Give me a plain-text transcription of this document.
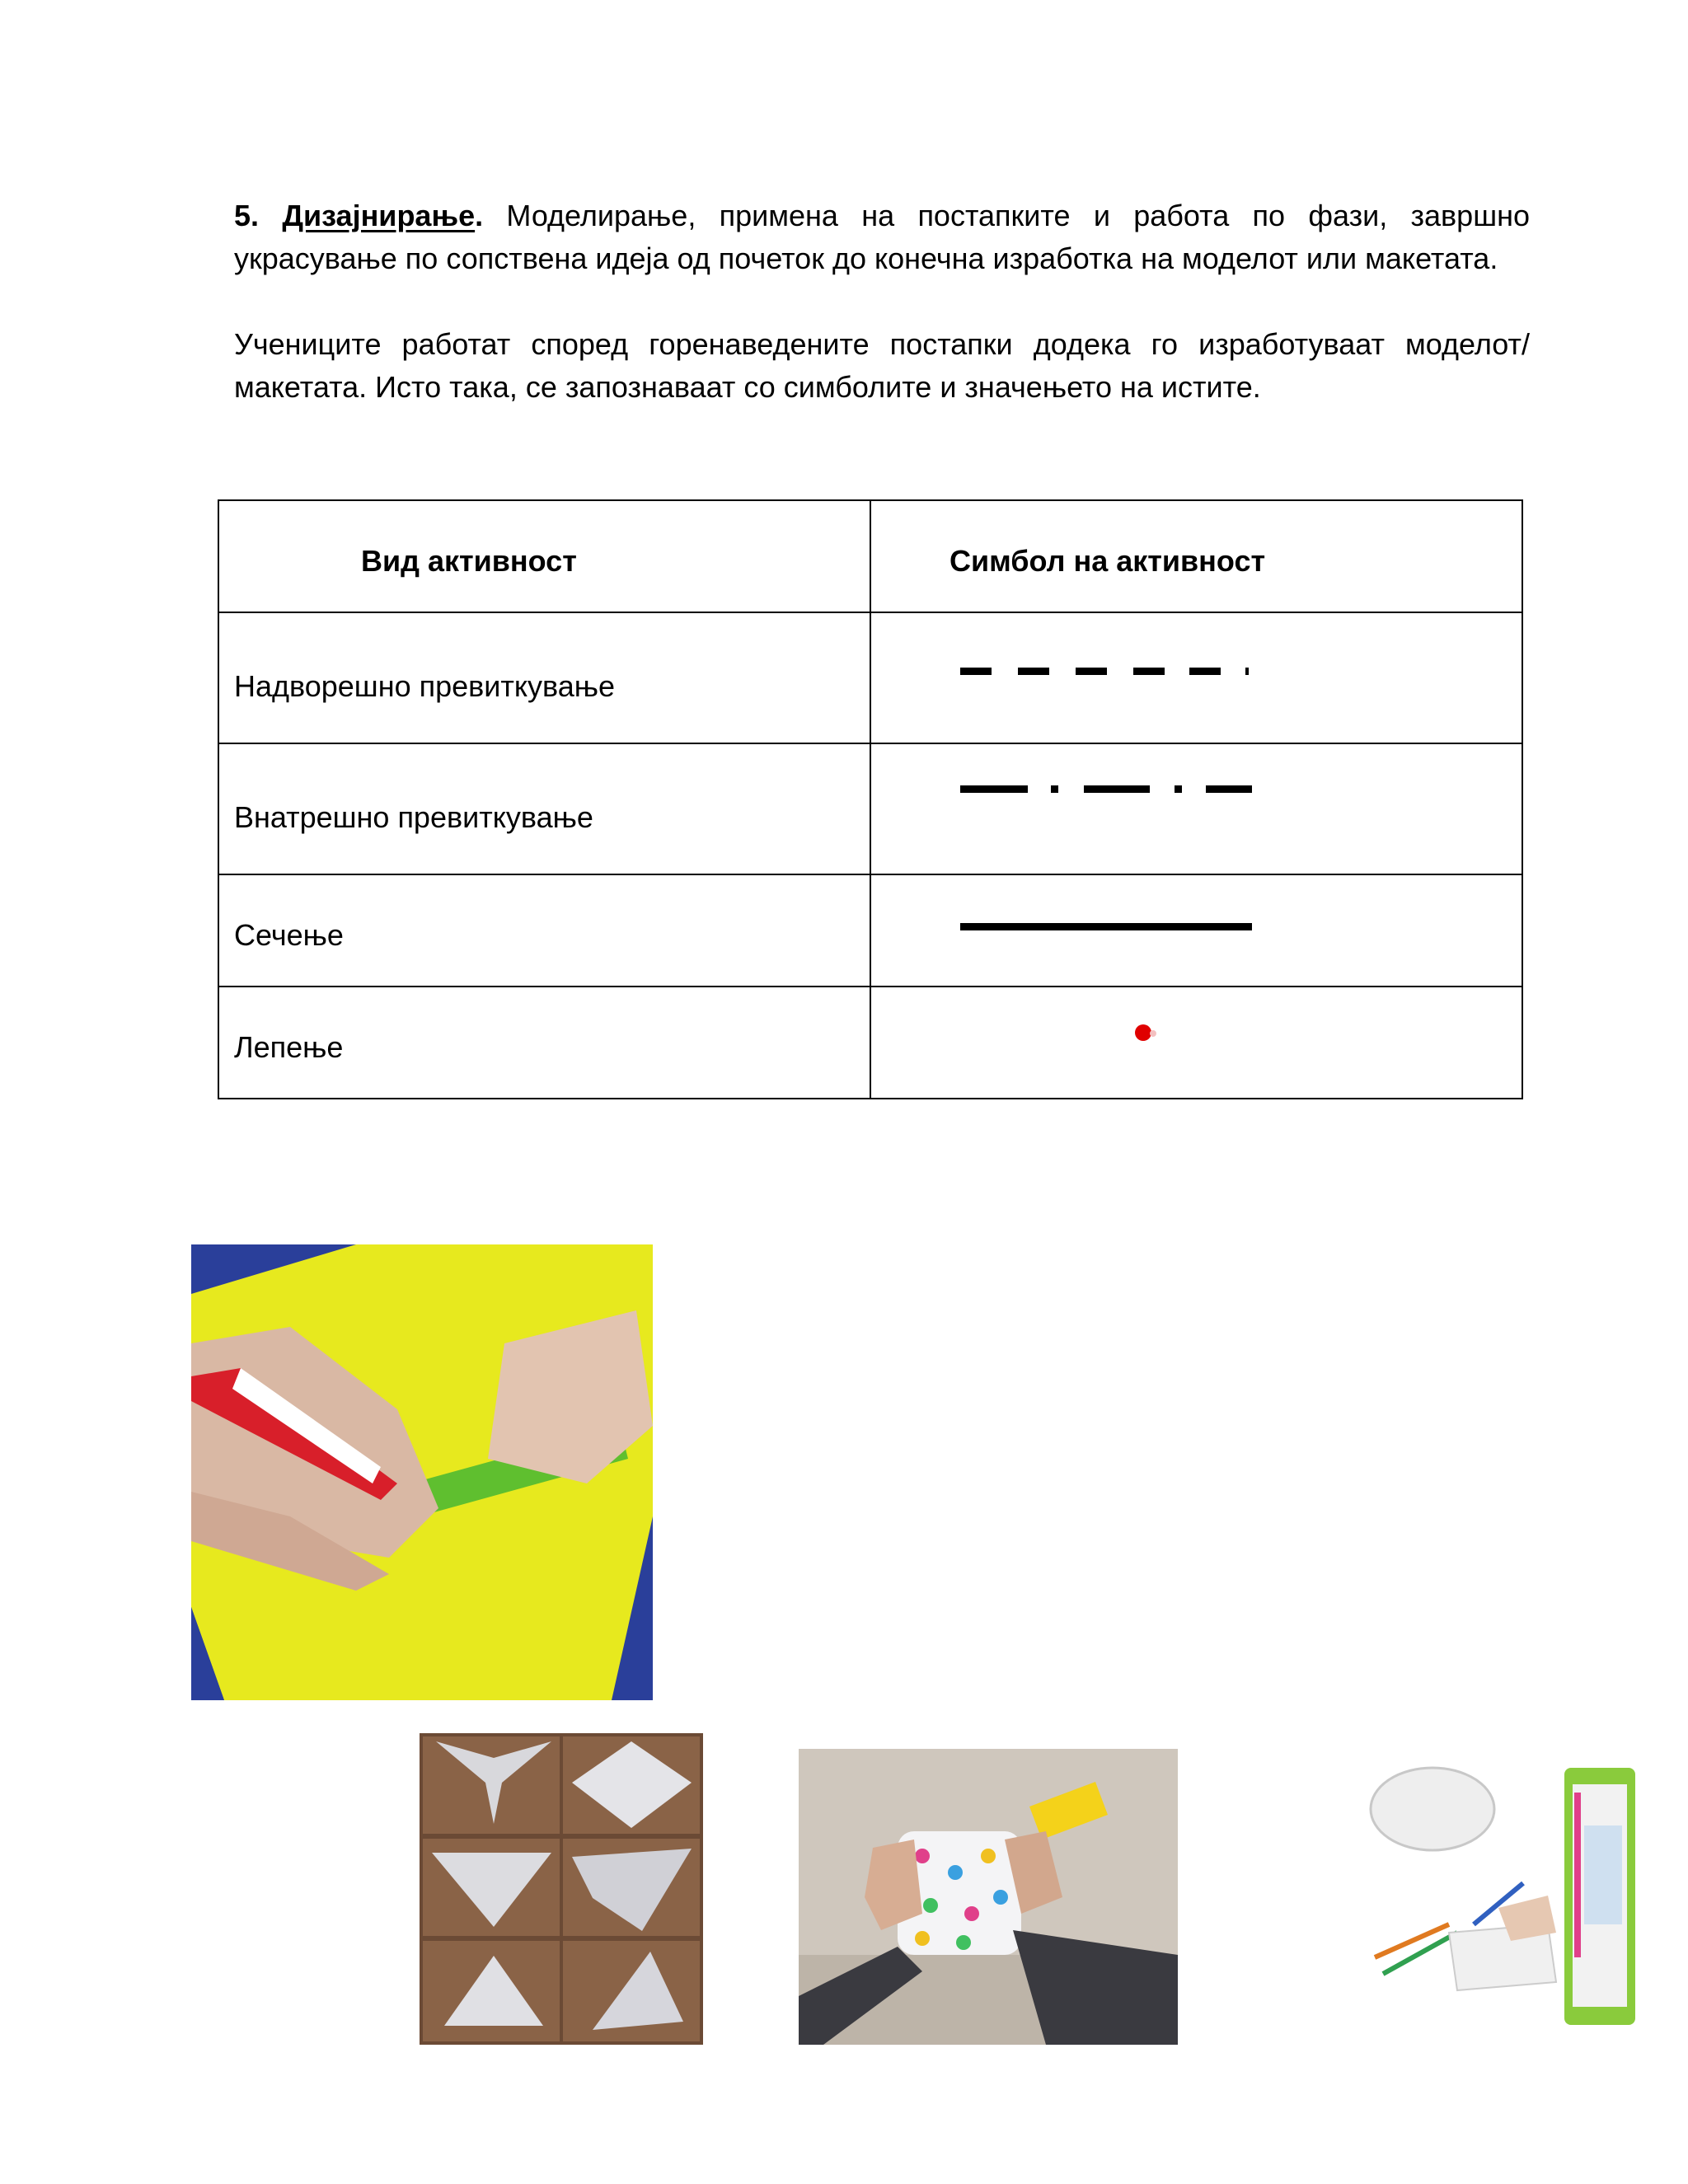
5. Дизајнирање. Моделирање, примена на постапките и работа по фази, завршно украсување по сопствена идеја од почеток до конечна изработка на моделот или макетата.
Учениците работат според горенаведените постапки додека го изработуваат моделот/макетата. Исто така, се запознаваат со симболите и значењето на истите.
Вид активност	Симбол на активност

Надворешно превиткување

Внатрешно превиткување

Сечење

Лепење
